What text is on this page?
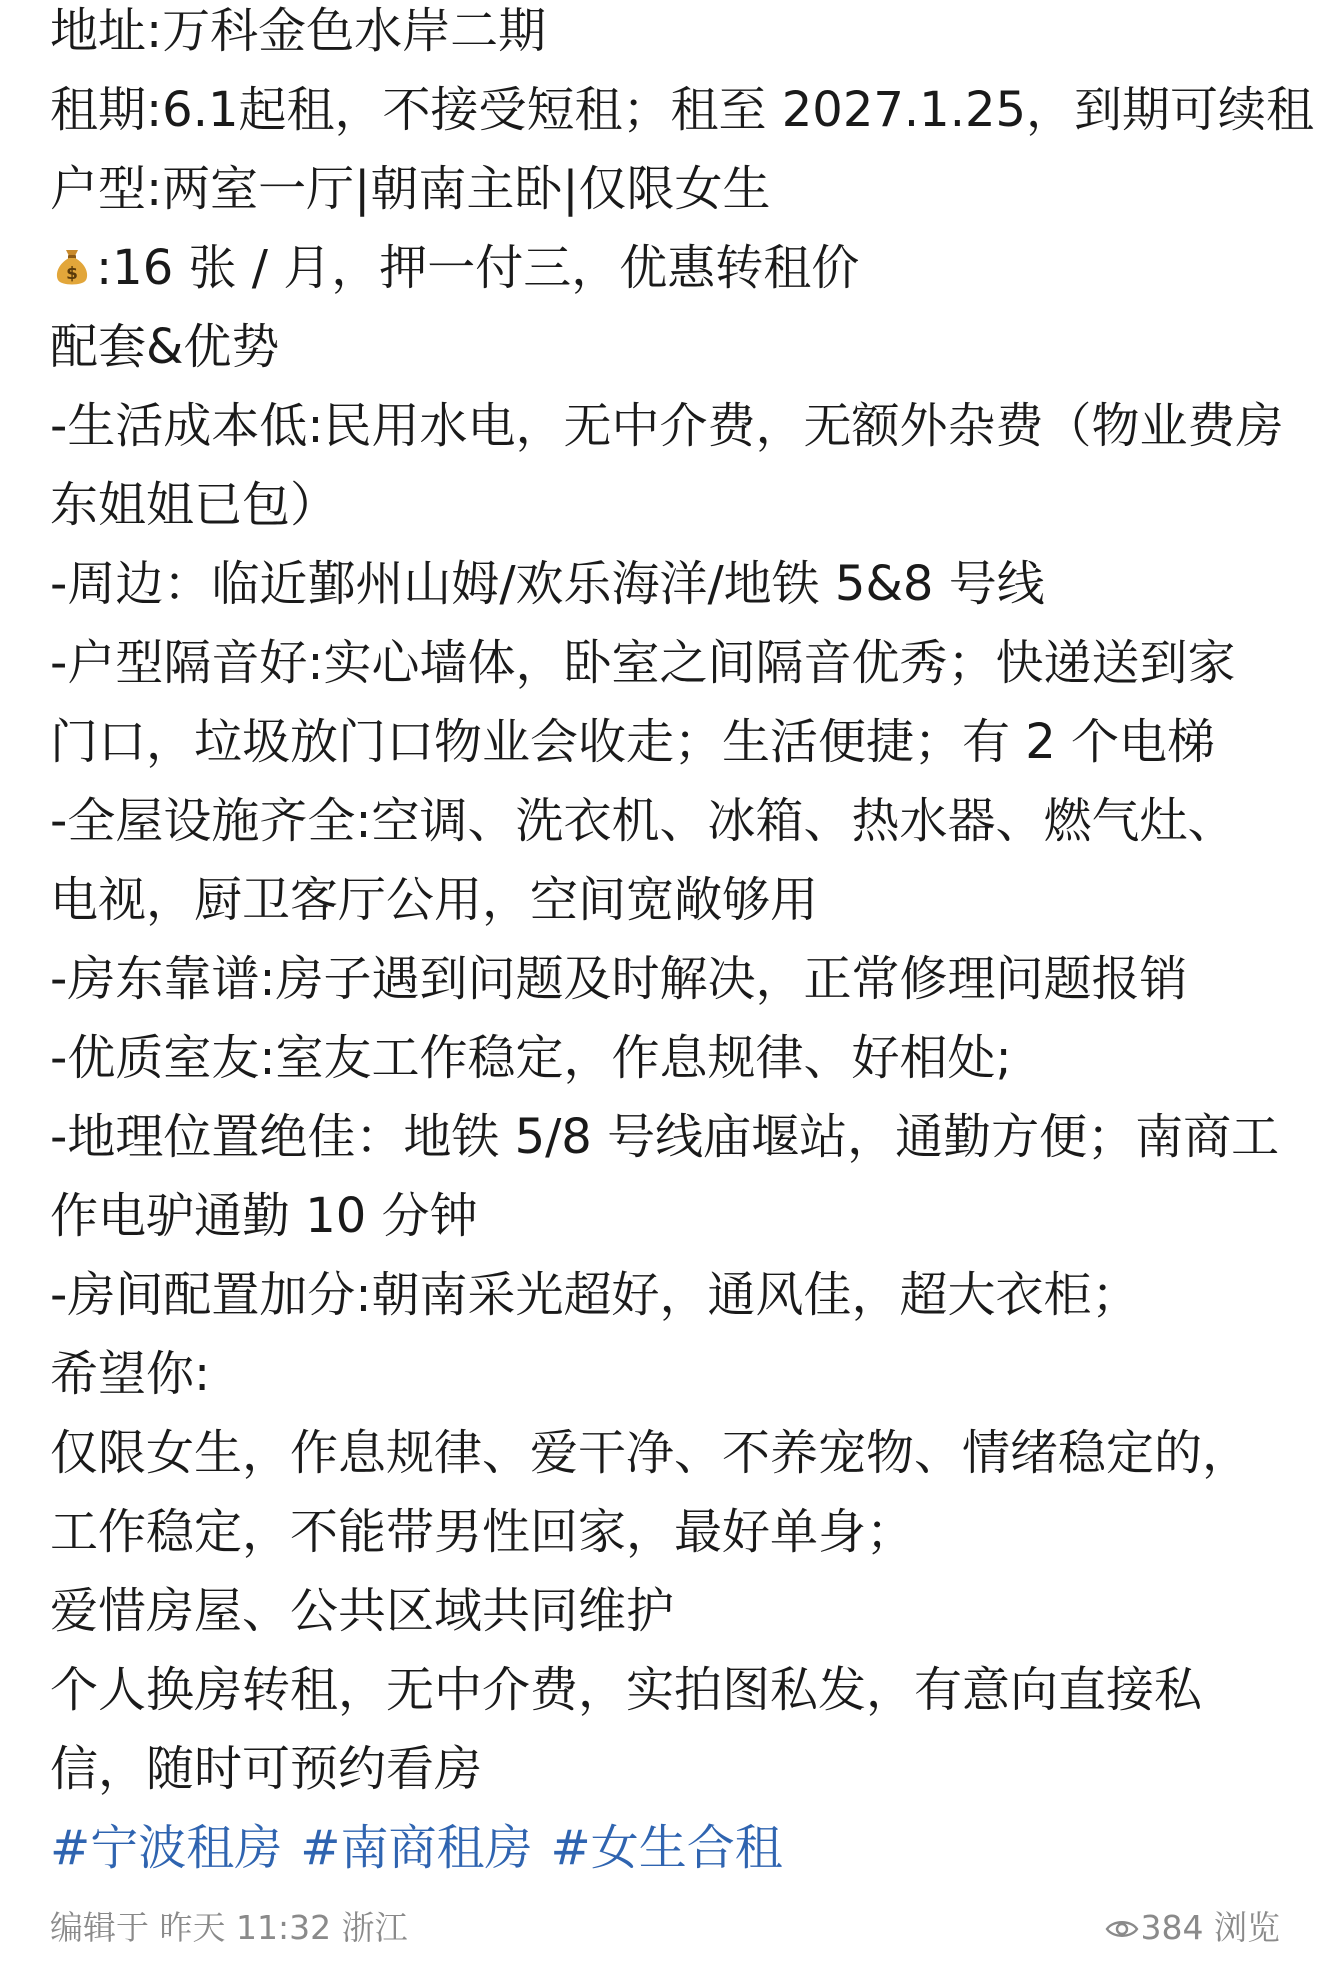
地址:万科金色水岸二期
租期:6.1起租，不接受短租；租至 2027.1.25，到期可续租
户型:两室一厅|朝南主卧|仅限女生
$ :16 张 / 月，押一付三，优惠转租价
配套&优势
-生活成本低:民用水电，无中介费，无额外杂费（物业费房
东姐姐已包）
-周边：临近鄞州山姆/欢乐海洋/地铁 5&8 号线
-户型隔音好:实心墙体，卧室之间隔音优秀；快递送到家
门口，垃圾放门口物业会收走；生活便捷；有 2 个电梯
-全屋设施齐全:空调、洗衣机、冰箱、热水器、燃气灶、
电视，厨卫客厅公用，空间宽敞够用
-房东靠谱:房子遇到问题及时解决，正常修理问题报销
-优质室友:室友工作稳定，作息规律、好相处;
-地理位置绝佳：地铁 5/8 号线庙堰站，通勤方便；南商工
作电驴通勤 10 分钟
-房间配置加分:朝南采光超好，通风佳，超大衣柜；
希望你:
仅限女生，作息规律、爱干净、不养宠物、情绪稳定的，
工作稳定，不能带男性回家，最好单身；
爱惜房屋、公共区域共同维护
个人换房转租，无中介费，实拍图私发，有意向直接私
信，随时可预约看房
#宁波租房 #南商租房 #女生合租
编辑于 昨天 11:32 浙江	384 浏览
